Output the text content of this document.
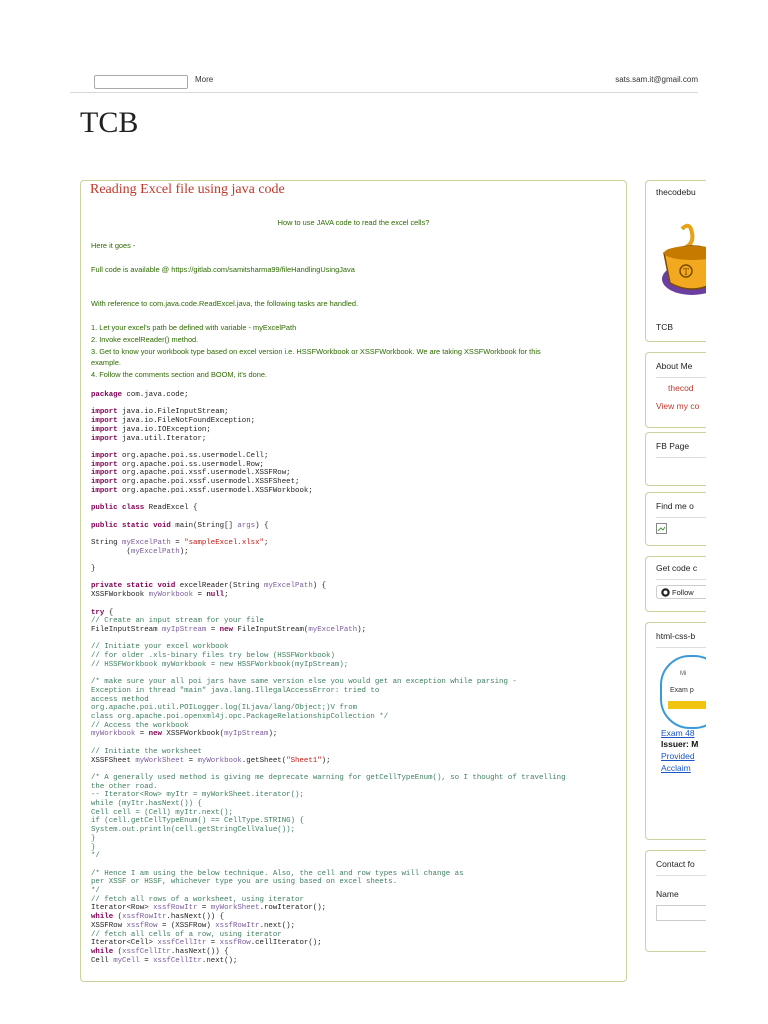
More	sats.sam.it@gmail.com
TCB
Reading Excel file using java code

How to use JAVA code to read the excel cells?

Here it goes -

Full code is available @ https://gitlab.com/samitsharma99/fileHandlingUsingJava

With reference to com.java.code.ReadExcel.java, the following tasks are handled.

1. Let your excel's path be defined with variable - myExcelPath

2. Invoke excelReader() method.

3. Get to know your workbook type based on excel version i.e. HSSFWorkbook or XSSFWorkbook. We are taking XSSFWorkbook for this

example.

4. Follow the comments section and BOOM, it's done.

package com.java.code;

import java.io.FileInputStream;
import java.io.FileNotFoundException;
import java.io.IOException;
import java.util.Iterator;

import org.apache.poi.ss.usermodel.Cell;
import org.apache.poi.ss.usermodel.Row;
import org.apache.poi.xssf.usermodel.XSSFRow;
import org.apache.poi.xssf.usermodel.XSSFSheet;
import org.apache.poi.xssf.usermodel.XSSFWorkbook;

public class ReadExcel {

public static void main(String[] args) {

String myExcelPath = "sampleExcel.xlsx";
(myExcelPath);

}

private static void excelReader(String myExcelPath) {
XSSFWorkbook myWorkbook = null;

try {
// Create an input stream for your file
FileInputStream myIpStream = new FileInputStream(myExcelPath);

// Initiate your excel workbook
// for older .xls-binary files try below (HSSFWorkbook)
// HSSFWorkbook myWorkbook = new HSSFWorkbook(myIpStream);

/* make sure your all poi jars have same version else you would get an exception while parsing -
Exception in thread "main" java.lang.IllegalAccessError: tried to
access method
org.apache.poi.util.POILogger.log(ILjava/lang/Object;)V from
class org.apache.poi.openxml4j.opc.PackageRelationshipCollection */
// Access the workbook
myWorkbook = new XSSFWorkbook(myIpStream);

// Initiate the worksheet
XSSFSheet myWorkSheet = myWorkbook.getSheet("Sheet1");

/* A generally used method is giving me deprecate warning for getCellTypeEnum(), so I thought of travelling
the other road.
-- Iterator<Row> myItr = myWorkSheet.iterator();
while (myItr.hasNext()) {
Cell cell = (Cell) myItr.next();
if (cell.getCellTypeEnum() == CellType.STRING) {
System.out.println(cell.getStringCellValue());
}
}
*/

/* Hence I am using the below technique. Also, the cell and row types will change as
per XSSF or HSSF, whichever type you are using based on excel sheets.
*/
// fetch all rows of a worksheet, using iterator
Iterator<Row> xssfRowItr = myWorkSheet.rowIterator();
while (xssfRowItr.hasNext()) {
XSSFRow xssfRow = (XSSFRow) xssfRowItr.next();
// fetch all cells of a row, using iterator
Iterator<Cell> xssfCellItr = xssfRow.cellIterator();
while (xssfCellItr.hasNext()) {
Cell myCell = xssfCellItr.next();
thecodebu
T
TCB
About Me
thecod
View my co
FB Page
Find me o
Get code c
Follow
html-css-b
Mi
Exam p
Exam 48
Issuer: M
Provided
Acclaim
Contact fo
Name
